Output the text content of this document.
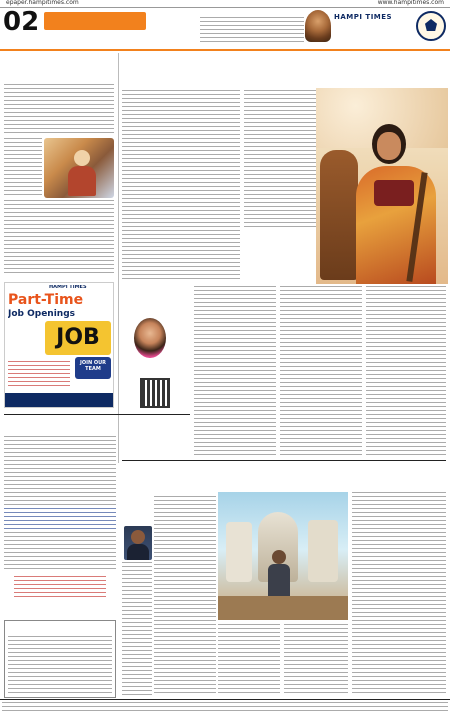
epaper.hampitimes.com	www.hampitimes.com
02	HAMPI TIMES
HAMPI TIMES
Part-Time
Job Openings
JOB
JOIN OUR TEAM
